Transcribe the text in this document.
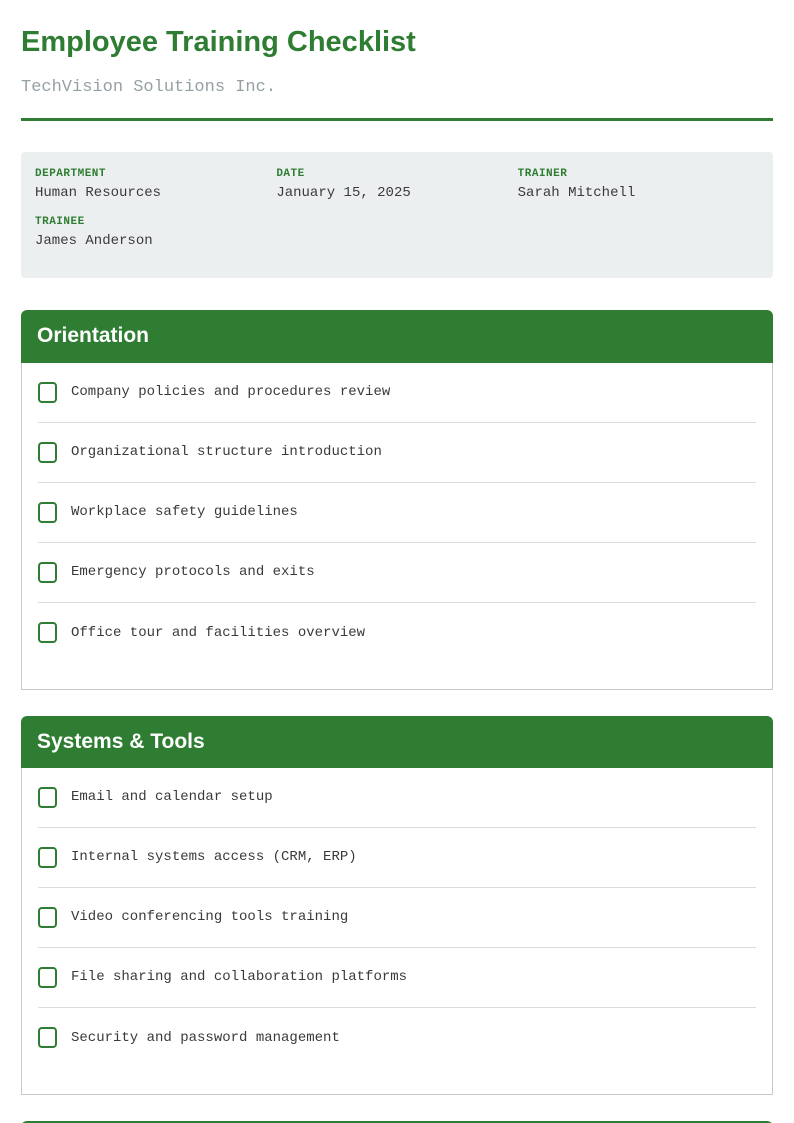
Employee Training Checklist
TechVision Solutions Inc.
DEPARTMENT
Human Resources
DATE
January 15, 2025
TRAINER
Sarah Mitchell
TRAINEE
James Anderson
Orientation
Company policies and procedures review
Organizational structure introduction
Workplace safety guidelines
Emergency protocols and exits
Office tour and facilities overview
Systems & Tools
Email and calendar setup
Internal systems access (CRM, ERP)
Video conferencing tools training
File sharing and collaboration platforms
Security and password management
